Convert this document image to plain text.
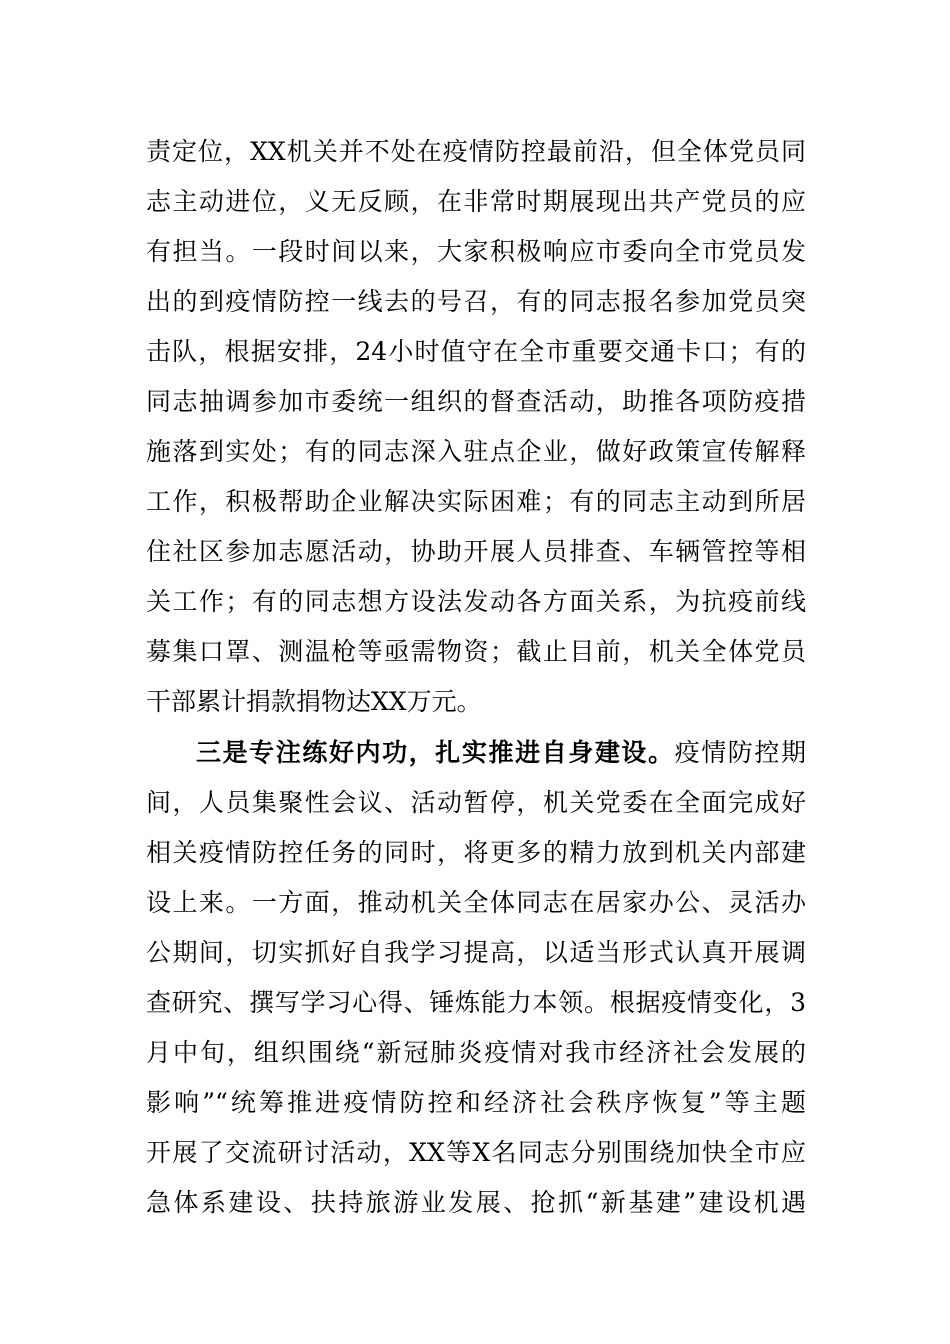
责定位，XX机关并不处在疫情防控最前沿，但全体党员同
志主动进位，义无反顾，在非常时期展现出共产党员的应
有担当。一段时间以来，大家积极响应市委向全市党员发
出的到疫情防控一线去的号召，有的同志报名参加党员突
击队，根据安排，24小时值守在全市重要交通卡口；有的
同志抽调参加市委统一组织的督查活动，助推各项防疫措
施落到实处；有的同志深入驻点企业，做好政策宣传解释
工作，积极帮助企业解决实际困难；有的同志主动到所居
住社区参加志愿活动，协助开展人员排查、车辆管控等相
关工作；有的同志想方设法发动各方面关系，为抗疫前线
募集口罩、测温枪等亟需物资；截止目前，机关全体党员
干部累计捐款捐物达XX万元。
三是专注练好内功，扎实推进自身建设。疫情防控期
间，人员集聚性会议、活动暂停，机关党委在全面完成好
相关疫情防控任务的同时，将更多的精力放到机关内部建
设上来。一方面，推动机关全体同志在居家办公、灵活办
公期间，切实抓好自我学习提高，以适当形式认真开展调
查研究、撰写学习心得、锤炼能力本领。根据疫情变化，3
月中旬，组织围绕“新冠肺炎疫情对我市经济社会发展的
影响”“统筹推进疫情防控和经济社会秩序恢复”等主题
开展了交流研讨活动，XX等X名同志分别围绕加快全市应
急体系建设、扶持旅游业发展、抢抓“新基建”建设机遇
